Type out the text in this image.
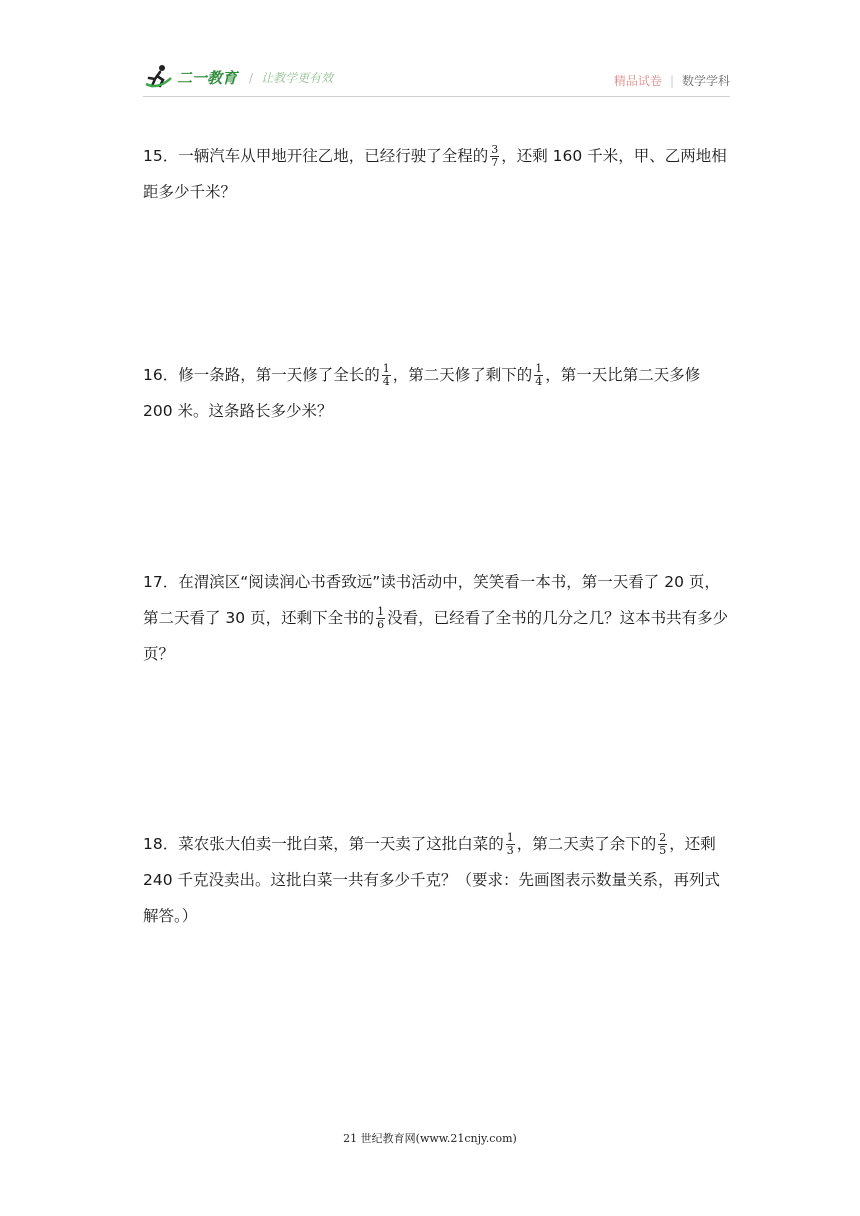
二一教育 / 让教学更有效	精品试卷 | 数学学科
15．一辆汽车从甲地开往乙地，已经行驶了全程的 $\frac{3}{7}$ ，还剩 160 千米，甲、乙两地相距多少千米？
16．修一条路，第一天修了全长的 $\frac{1}{4}$ ，第二天修了剩下的 $\frac{1}{4}$ ，第一天比第二天多修 200 米。这条路长多少米？
17．在渭滨区“阅读润心书香致远”读书活动中，笑笑看一本书，第一天看了 20 页，第二天看了 30 页，还剩下全书的 $\frac{1}{6}$ 没看，已经看了全书的几分之几？这本书共有多少页？
18．菜农张大伯卖一批白菜，第一天卖了这批白菜的 $\frac{1}{3}$ ，第二天卖了余下的 $\frac{2}{5}$ ，还剩 240 千克没卖出。这批白菜一共有多少千克？（要求：先画图表示数量关系，再列式解答。）
21 世纪教育网(www.21cnjy.com)
